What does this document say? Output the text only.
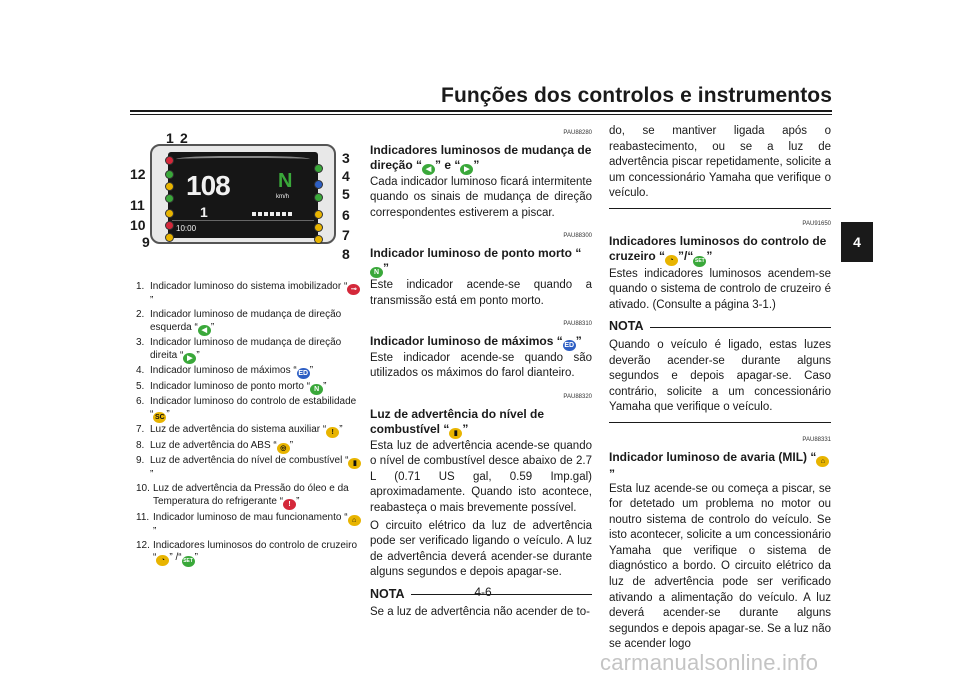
Funções dos controlos e instrumentos
4
108 N
km/h
1
10:00
1 2
3
4
5
6
7
8
9
10
11
12
1. Indicador luminoso do sistema imobilizador “ ⊸”
2. Indicador luminoso de mudança de direção esquerda “ ◀ ”
3. Indicador luminoso de mudança de direção direita “ ▶ ”
4. Indicador luminoso de máximos “ ED ”
5. Indicador luminoso de ponto morto “ N ”
6. Indicador luminoso do controlo de estabilidade “ SC ”
7. Luz de advertência do sistema auxiliar “ ! ”
8. Luz de advertência do ABS “ ◎ ”
9. Luz de advertência do nível de combustível “ ▮”
10. Luz de advertência da Pressão do óleo e da Temperatura do refrigerante “ ! ”
11. Indicador luminoso de mau funcionamento “ ⌂”
12. Indicadores luminosos do controlo de cruzeiro “ ◔ ” /“ SET ”
PAU88280
Indicadores luminosos de mudança de direção “ ◀ ” e “ ▶ ”
Cada indicador luminoso ficará intermitente quando os sinais de mudança de direção correspondentes estiverem a piscar.
PAU88300
Indicador luminoso de ponto morto “N ”
Este indicador acende-se quando a transmissão está em ponto morto.
PAU88310
Indicador luminoso de máximos “ ED ”
Este indicador acende-se quando são utilizados os máximos do farol dianteiro.
PAU88320
Luz de advertência do nível de combustível “ ▮ ”
Esta luz de advertência acende-se quando o nível de combustível desce abaixo de 2.7 L (0.71 US gal, 0.59 Imp.gal) aproximadamente. Quando isto acontece, reabasteça o mais brevemente possível.
O circuito elétrico da luz de advertência pode ser verificado ligando o veículo. A luz de advertência deverá acender-se durante alguns segundos e depois apagar-se.
NOTA
Se a luz de advertência não acender de to-
do, se mantiver ligada após o reabastecimento, ou se a luz de advertência piscar repetidamente, solicite a um concessionário Yamaha que verifique o veículo.
PAU91650
Indicadores luminosos do controlo de cruzeiro “ ◔ ”/“ SET ”
Estes indicadores luminosos acendem-se quando o sistema de controlo de cruzeiro é ativado. (Consulte a página 3-1.)
NOTA
Quando o veículo é ligado, estas luzes deverão acender-se durante alguns segundos e depois apagar-se. Caso contrário, solicite a um concessionário Yamaha que verifique o veículo.
PAU88331
Indicador luminoso de avaria (MIL) “ ⌂”
Esta luz acende-se ou começa a piscar, se for detetado um problema no motor ou noutro sistema de controlo do veículo. Se isto acontecer, solicite a um concessionário Yamaha que verifique o sistema de diagnóstico a bordo. O circuito elétrico da luz de advertência pode ser verificado ativando a alimentação do veículo. A luz deverá acender-se durante alguns segundos e depois apagar-se. Se a luz não se acender logo
4-6
carmanualsonline.info
